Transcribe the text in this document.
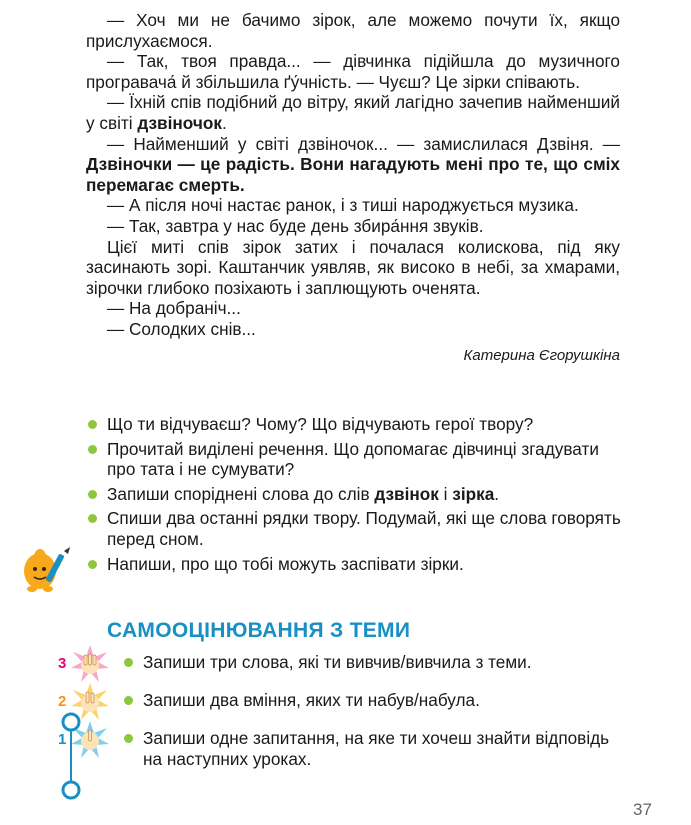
— Хоч ми не бачимо зірок, але можемо почути їх, якщо прислухаємося.

— Так, твоя правда... — дівчинка підійшла до музичного програвача́ й збільшила ґу́чність. — Чуєш? Це зірки співають.

— Їхній спів подібний до вітру, який лагідно зачепив найменший у світі дзвіночок.

— Найменший у світі дзвіночок... — замислилася Дзвіня. — Дзвіночки — це радість. Вони нагадують мені про те, що сміх перемагає смерть.

— А після ночі настає ранок, і з тиші народжується музика.

— Так, завтра у нас буде день збира́ння звуків.

Цієї миті спів зірок затих і почалася колискова, під яку засинають зорі. Каштанчик уявляв, як високо в небі, за хмарами, зірочки глибоко позіхають і заплющують оченята.

— На добраніч...

— Солодких снів...

Катерина Єгорушкіна
Що ти відчуваєш? Чому? Що відчувають герої твору?
Прочитай виділені речення. Що допомагає дівчинці згадувати про тата і не сумувати?
Запиши споріднені слова до слів дзвінок і зірка.
Спиши два останні рядки твору. Подумай, які ще слова говорять перед сном.
Напиши, про що тобі можуть заспівати зірки.
САМООЦІНЮВАННЯ З ТЕМИ
3	Запиши три слова, які ти вивчив/вивчила з теми.
2	Запиши два вміння, яких ти набув/набула.
1	Запиши одне запитання, на яке ти хочеш знайти відповідь на наступних уроках.
37
